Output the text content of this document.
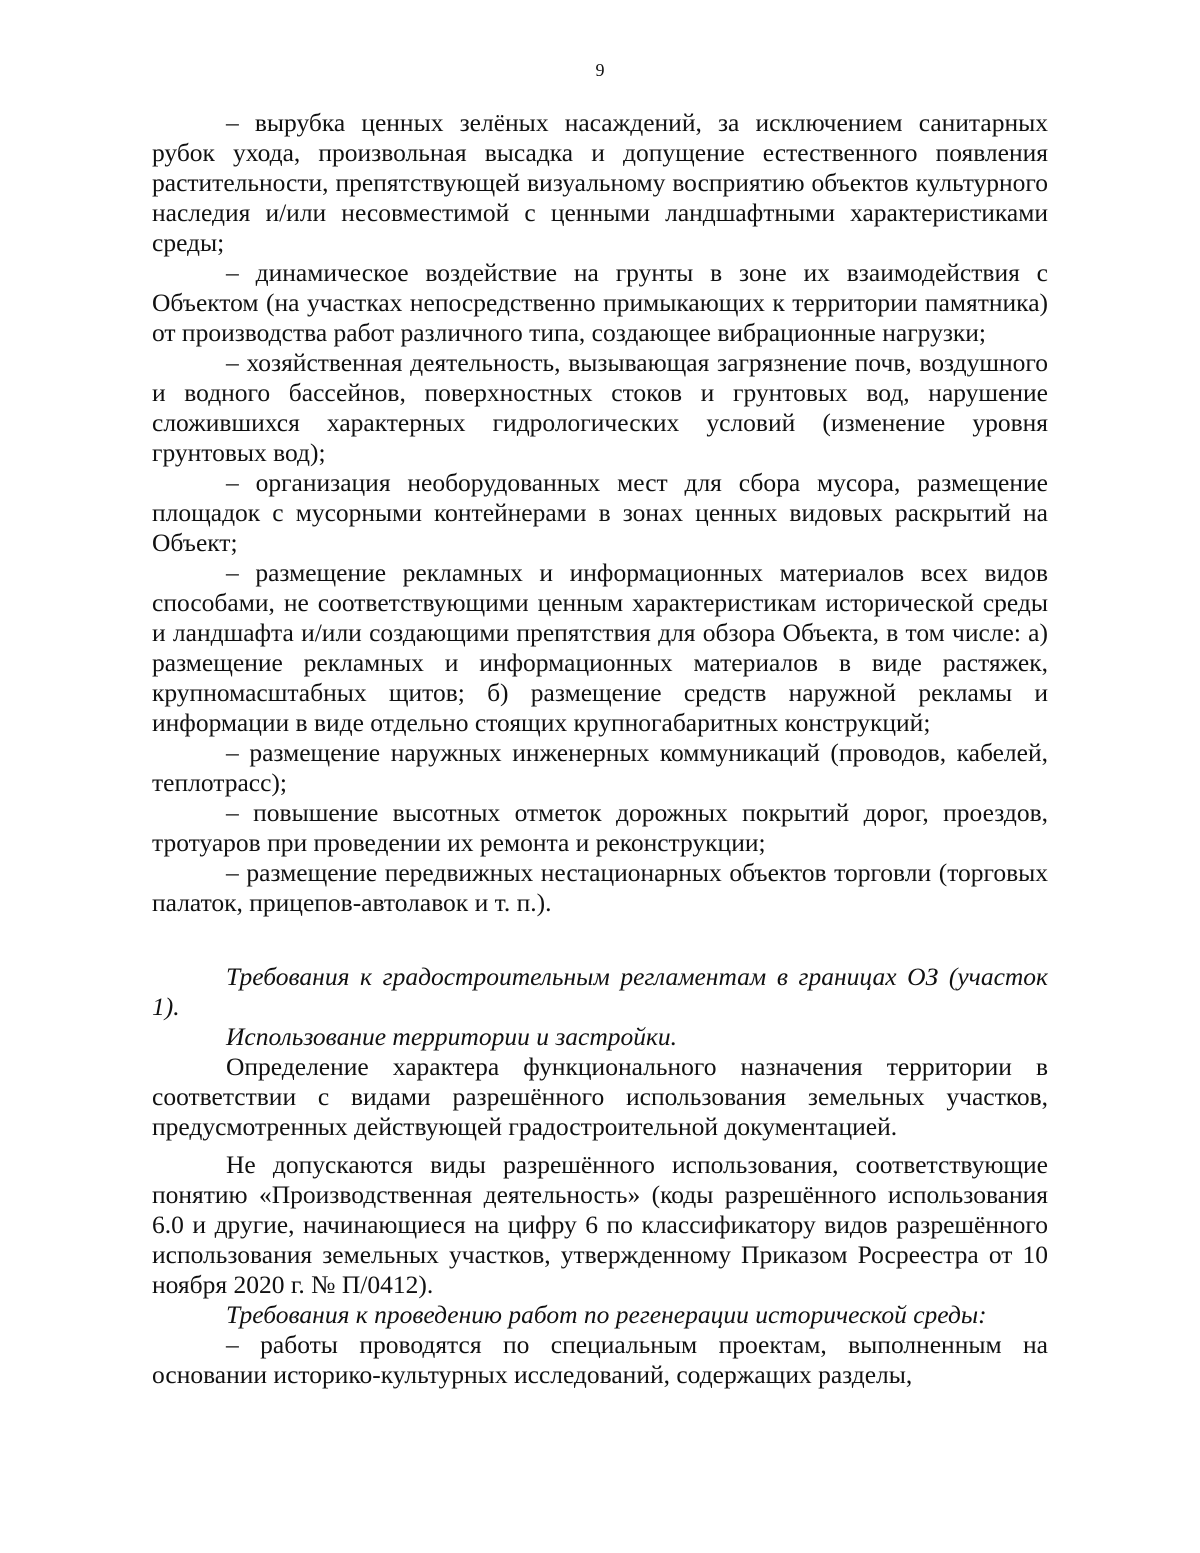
9

– вырубка ценных зелёных насаждений, за исключением санитарных рубок ухода, произвольная высадка и допущение естественного появления растительности, препятствующей визуальному восприятию объектов культурного наследия и/или несовместимой с ценными ландшафтными характеристиками среды;

– динамическое воздействие на грунты в зоне их взаимодействия с Объектом (на участках непосредственно примыкающих к территории памятника) от производства работ различного типа, создающее вибрационные нагрузки;

– хозяйственная деятельность, вызывающая загрязнение почв, воздушного и водного бассейнов, поверхностных стоков и грунтовых вод, нарушение сложившихся характерных гидрологических условий (изменение уровня грунтовых вод);

– организация необорудованных мест для сбора мусора, размещение площадок с мусорными контейнерами в зонах ценных видовых раскрытий на Объект;

– размещение рекламных и информационных материалов всех видов способами, не соответствующими ценным характеристикам исторической среды и ландшафта и/или создающими препятствия для обзора Объекта, в том числе: а) размещение рекламных и информационных материалов в виде растяжек, крупномасштабных щитов; б) размещение средств наружной рекламы и информации в виде отдельно стоящих крупногабаритных конструкций;

– размещение наружных инженерных коммуникаций (проводов, кабелей, теплотрасс);

– повышение высотных отметок дорожных покрытий дорог, проездов, тротуаров при проведении их ремонта и реконструкции;

– размещение передвижных нестационарных объектов торговли (торговых палаток, прицепов-автолавок и т. п.).

Требования к градостроительным регламентам в границах ОЗ (участок 1).

Использование территории и застройки.

Определение характера функционального назначения территории в соответствии с видами разрешённого использования земельных участков, предусмотренных действующей градостроительной документацией.

Не допускаются виды разрешённого использования, соответствующие понятию «Производственная деятельность» (коды разрешённого использования 6.0 и другие, начинающиеся на цифру 6 по классификатору видов разрешённого использования земельных участков, утвержденному Приказом Росреестра от 10 ноября 2020 г. № П/0412).

Требования к проведению работ по регенерации исторической среды:

– работы проводятся по специальным проектам, выполненным на основании историко-культурных исследований, содержащих разделы,
